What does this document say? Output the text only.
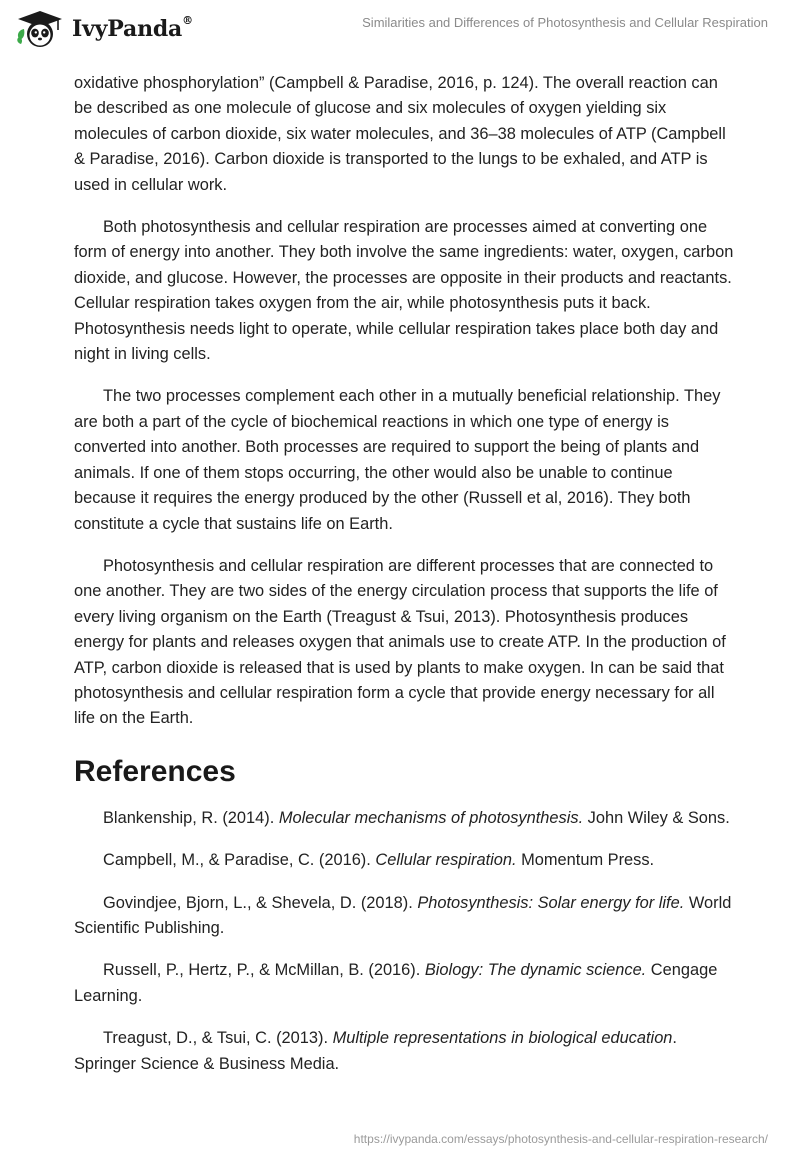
IvyPanda®	Similarities and Differences of Photosynthesis and Cellular Respiration

oxidative phosphorylation” (Campbell & Paradise, 2016, p. 124). The overall reaction can be described as one molecule of glucose and six molecules of oxygen yielding six molecules of carbon dioxide, six water molecules, and 36–38 molecules of ATP (Campbell & Paradise, 2016). Carbon dioxide is transported to the lungs to be exhaled, and ATP is used in cellular work.

Both photosynthesis and cellular respiration are processes aimed at converting one form of energy into another. They both involve the same ingredients: water, oxygen, carbon dioxide, and glucose. However, the processes are opposite in their products and reactants. Cellular respiration takes oxygen from the air, while photosynthesis puts it back. Photosynthesis needs light to operate, while cellular respiration takes place both day and night in living cells.

The two processes complement each other in a mutually beneficial relationship. They are both a part of the cycle of biochemical reactions in which one type of energy is converted into another. Both processes are required to support the being of plants and animals. If one of them stops occurring, the other would also be unable to continue because it requires the energy produced by the other (Russell et al, 2016). They both constitute a cycle that sustains life on Earth.

Photosynthesis and cellular respiration are different processes that are connected to one another. They are two sides of the energy circulation process that supports the life of every living organism on the Earth (Treagust & Tsui, 2013). Photosynthesis produces energy for plants and releases oxygen that animals use to create ATP. In the production of ATP, carbon dioxide is released that is used by plants to make oxygen. In can be said that photosynthesis and cellular respiration form a cycle that provide energy necessary for all life on the Earth.

References

Blankenship, R. (2014). Molecular mechanisms of photosynthesis. John Wiley & Sons.

Campbell, M., & Paradise, C. (2016). Cellular respiration. Momentum Press.

Govindjee, Bjorn, L., & Shevela, D. (2018). Photosynthesis: Solar energy for life. World Scientific Publishing.

Russell, P., Hertz, P., & McMillan, B. (2016). Biology: The dynamic science. Cengage Learning.

Treagust, D., & Tsui, C. (2013). Multiple representations in biological education. Springer Science & Business Media.

https://ivypanda.com/essays/photosynthesis-and-cellular-respiration-research/
